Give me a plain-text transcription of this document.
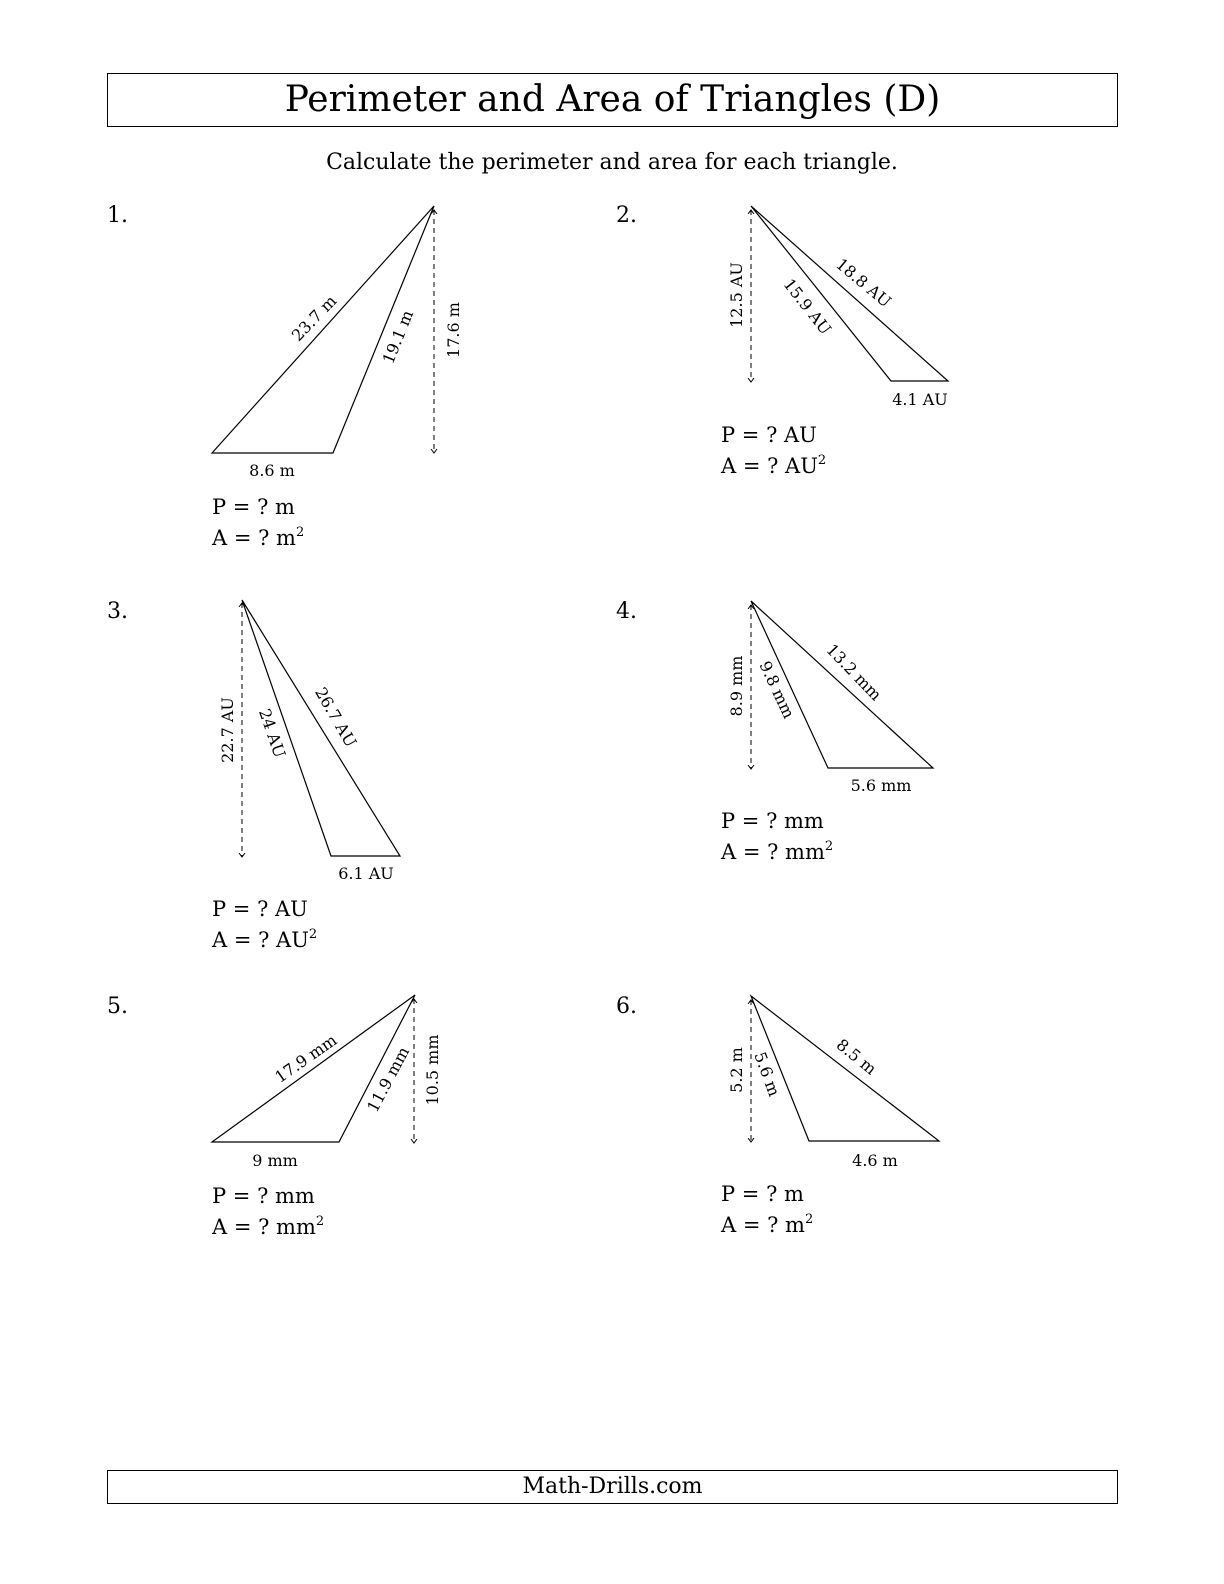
Perimeter and Area of Triangles (D)
Calculate the perimeter and area for each triangle.
1.	2.
3.	4.
5.	6.
P = ? m
A = ? $m^2$
P = ? AU
A = ? $AU^2$
P = ? AU
A = ? $AU^2$
P = ? mm
A = ? $mm^2$
P = ? mm
A = ? $mm^2$
P = ? m
A = ? $m^2$
8.6 m
23.7 m 19.1 m 17.6 m
4.1 AU
15.9 AU
18.8 AU
12.5 AU
6.1 AU
24 AU 26.7 AU
22.7 AU
5.6 mm
9.8 mm 13.2 mm
8.9 mm
9 mm
17.9 mm 11.9 mm 10.5 mm
4.6 m
5.6 m	8.5 m
5.2 m
Math-Drills.com
